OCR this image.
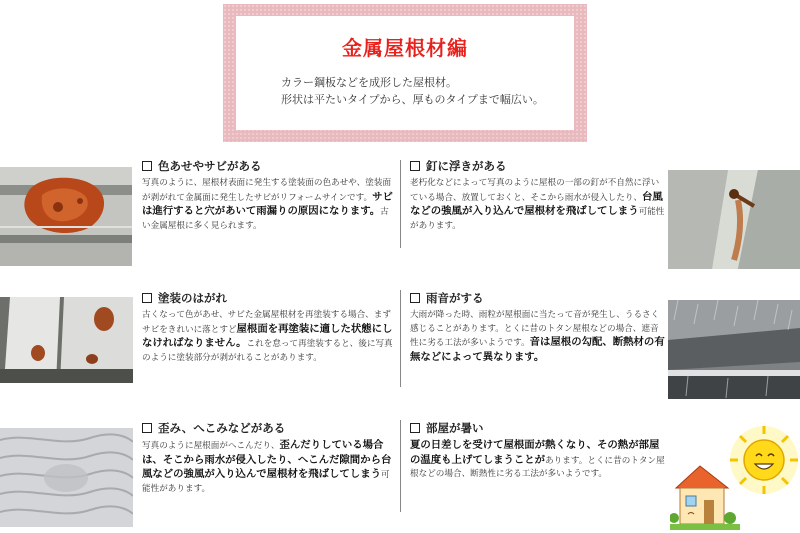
金属屋根材編
カラー鋼板などを成形した屋根材。
形状は平たいタイプから、厚ものタイプまで幅広い。
色あせやサビがある
写真のように、屋根材表面に発生する塗装面の色あせや、塗装面が剥がれて金属面に発生したサビがリフォームサインです。サビは進行すると穴があいて雨漏りの原因になります。古い金属屋根に多く見られます。
釘に浮きがある
老朽化などによって写真のように屋根の一部の釘が不自然に浮いている場合、放置しておくと、そこから雨水が侵入したり、台風などの強風が入り込んで屋根材を飛ばしてしまう可能性があります。
塗装のはがれ
古くなって色があせ、サビた金属屋根材を再塗装する場合、まずサビをきれいに落とすど屋根面を再塗装に適した状態にしなければなりません。これを怠って再塗装すると、後に写真のように塗装部分が剥がれることがあります。
雨音がする
大雨が降った時、雨粒が屋根面に当たって音が発生し、うるさく感じることがあります。とくに昔のトタン屋根などの場合、遮音性に劣る工法が多いようです。音は屋根の勾配、断熱材の有無などによって異なります。
歪み、へこみなどがある
写真のように屋根面がへこんだり、歪んだりしている場合は、そこから雨水が侵入したり、へこんだ隙間から台風などの強風が入り込んで屋根材を飛ばしてしまう可能性があります。
部屋が暑い
夏の日差しを受けて屋根面が熱くなり、その熱が部屋の温度も上げてしまうことがあります。とくに昔のトタン屋根などの場合、断熱性に劣る工法が多いようです。
